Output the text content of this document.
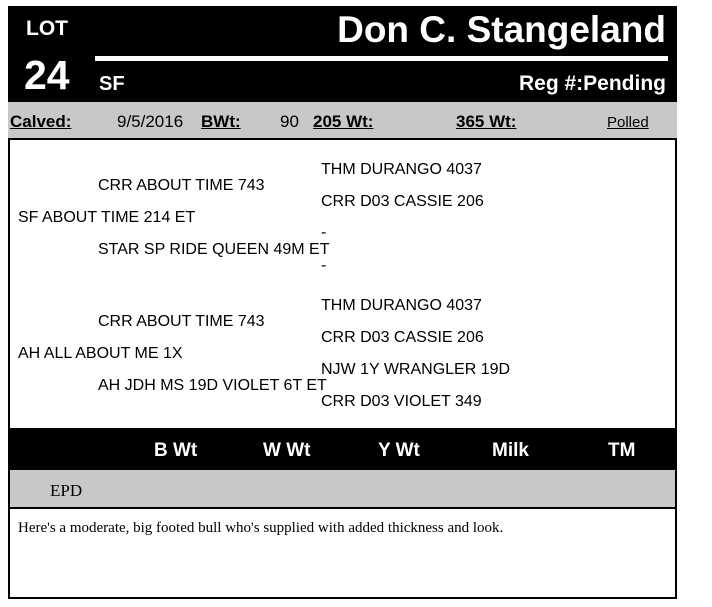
LOT
24
Don C. Stangeland
SF	Reg #:Pending
Calved:	9/5/2016 BWt: 90 205 Wt:	365 Wt:	Polled
THM DURANGO 4037
CRR ABOUT TIME 743
CRR D03 CASSIE 206
SF ABOUT TIME 214 ET
-
STAR SP RIDE QUEEN 49M ET
-
THM DURANGO 4037
CRR ABOUT TIME 743
CRR D03 CASSIE 206
AH ALL ABOUT ME 1X
NJW 1Y WRANGLER 19D
AH JDH MS 19D VIOLET 6T ET
CRR D03 VIOLET 349
B Wt	W Wt	Y Wt	Milk	TM
EPD
Here's a moderate, big footed bull who's supplied with added thickness and look.
